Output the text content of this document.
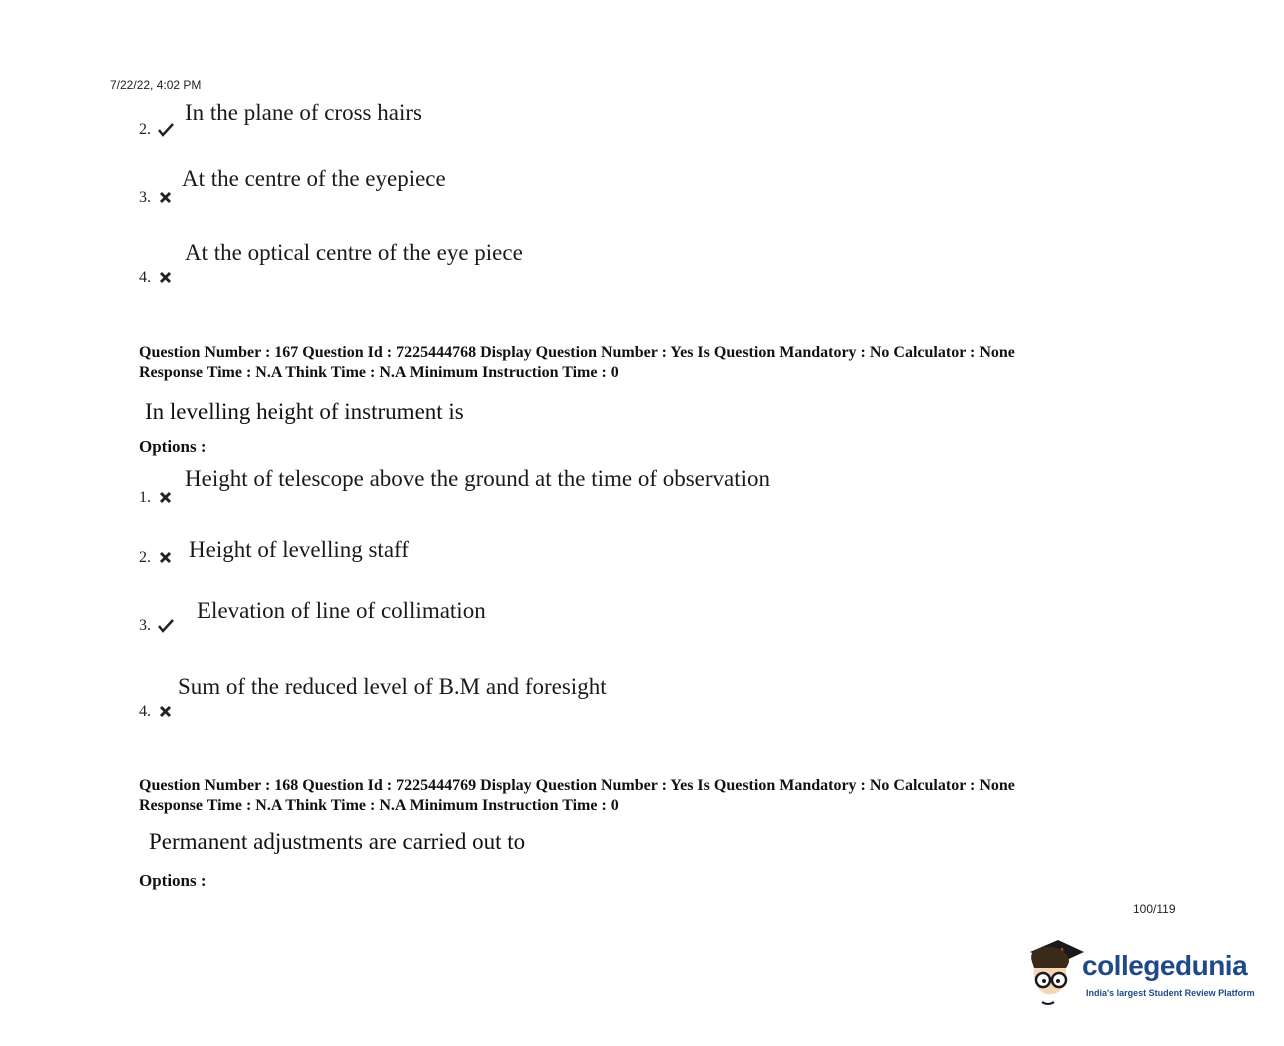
7/22/22, 4:02 PM
2.
In the plane of cross hairs
3.
At the centre of the eyepiece
4.
At the optical centre of the eye piece
Question Number : 167 Question Id : 7225444768 Display Question Number : Yes Is Question Mandatory : No Calculator : None
Response Time : N.A Think Time : N.A Minimum Instruction Time : 0
In levelling height of instrument is
Options :
1.
Height of telescope above the ground at the time of observation
2.	Height of levelling staff
3.
Elevation of line of collimation
4.
Sum of the reduced level of B.M and foresight
Question Number : 168 Question Id : 7225444769 Display Question Number : Yes Is Question Mandatory : No Calculator : None
Response Time : N.A Think Time : N.A Minimum Instruction Time : 0
Permanent adjustments are carried out to
Options :
100/119
collegedunia
India's largest Student Review Platform
